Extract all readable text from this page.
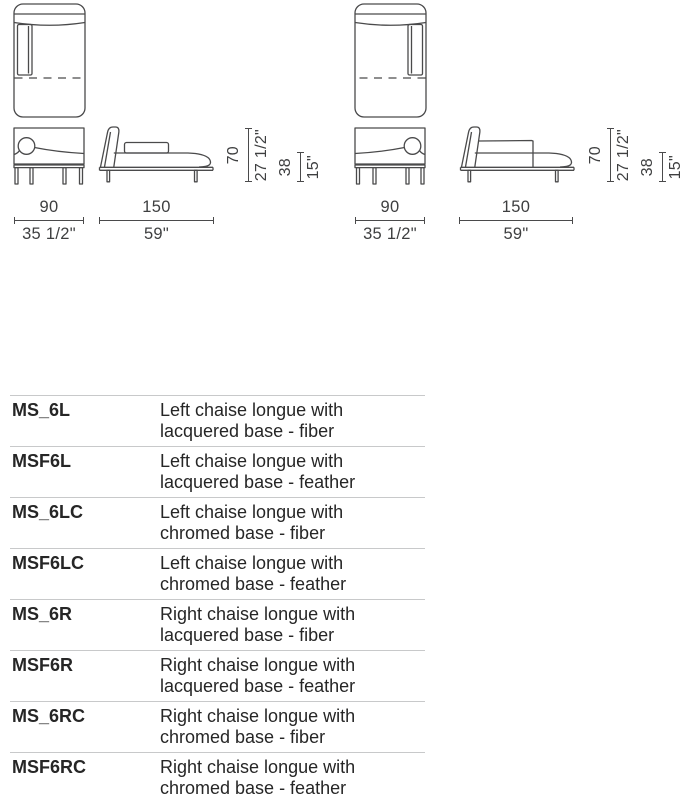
70 27 1/2" 38 15"
90
35 1/2"
150
59"
70 27 1/2" 38 15"
90
35 1/2"
150
59"
MS_6L	Left chaise longue with
lacquered base - fiber
MSF6L	Left chaise longue with
lacquered base - feather
MS_6LC	Left chaise longue with
chromed base - fiber
MSF6LC	Left chaise longue with
chromed base - feather
MS_6R	Right chaise longue with
lacquered base - fiber
MSF6R	Right chaise longue with
lacquered base - feather
MS_6RC	Right chaise longue with
chromed base - fiber
MSF6RC	Right chaise longue with
chromed base - feather
